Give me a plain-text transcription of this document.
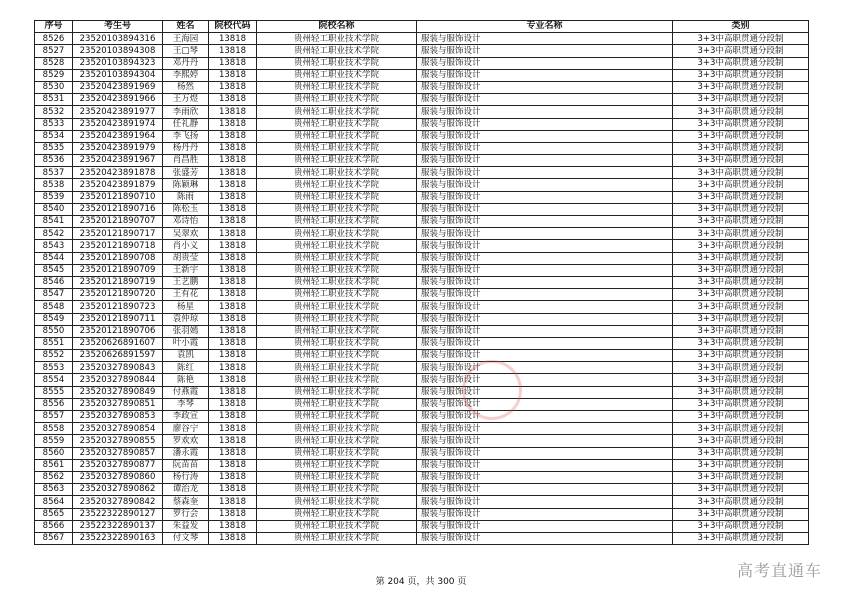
序号	考生号	姓名	院校代码	院校名称	专业名称	类别
8526	23520103894316	王海园	13818	贵州轻工职业技术学院	服装与服饰设计	3+3中高职贯通分段制
8527	23520103894308	王□琴	13818	贵州轻工职业技术学院	服装与服饰设计	3+3中高职贯通分段制
8528	23520103894323	邓丹丹	13818	贵州轻工职业技术学院	服装与服饰设计	3+3中高职贯通分段制
8529	23520103894304	李熙婷	13818	贵州轻工职业技术学院	服装与服饰设计	3+3中高职贯通分段制
8530	23520423891969	杨然	13818	贵州轻工职业技术学院	服装与服饰设计	3+3中高职贯通分段制
8531	23520423891966	王万煜	13818	贵州轻工职业技术学院	服装与服饰设计	3+3中高职贯通分段制
8532	23520423891977	李雨欣	13818	贵州轻工职业技术学院	服装与服饰设计	3+3中高职贯通分段制
8533	23520423891974	任礼静	13818	贵州轻工职业技术学院	服装与服饰设计	3+3中高职贯通分段制
8534	23520423891964	李飞扬	13818	贵州轻工职业技术学院	服装与服饰设计	3+3中高职贯通分段制
8535	23520423891979	杨丹丹	13818	贵州轻工职业技术学院	服装与服饰设计	3+3中高职贯通分段制
8536	23520423891967	肖昌胜	13818	贵州轻工职业技术学院	服装与服饰设计	3+3中高职贯通分段制
8537	23520423891878	张盛芳	13818	贵州轻工职业技术学院	服装与服饰设计	3+3中高职贯通分段制
8538	23520423891879	陈颖琳	13818	贵州轻工职业技术学院	服装与服饰设计	3+3中高职贯通分段制
8539	23520121890710	陈雨	13818	贵州轻工职业技术学院	服装与服饰设计	3+3中高职贯通分段制
8540	23520121890716	陈松玉	13818	贵州轻工职业技术学院	服装与服饰设计	3+3中高职贯通分段制
8541	23520121890707	邓诗怡	13818	贵州轻工职业技术学院	服装与服饰设计	3+3中高职贯通分段制
8542	23520121890717	吴翠欢	13818	贵州轻工职业技术学院	服装与服饰设计	3+3中高职贯通分段制
8543	23520121890718	肖小义	13818	贵州轻工职业技术学院	服装与服饰设计	3+3中高职贯通分段制
8544	23520121890708	胡贵莹	13818	贵州轻工职业技术学院	服装与服饰设计	3+3中高职贯通分段制
8545	23520121890709	王新宇	13818	贵州轻工职业技术学院	服装与服饰设计	3+3中高职贯通分段制
8546	23520121890719	王艺鹏	13818	贵州轻工职业技术学院	服装与服饰设计	3+3中高职贯通分段制
8547	23520121890720	王有花	13818	贵州轻工职业技术学院	服装与服饰设计	3+3中高职贯通分段制
8548	23520121890723	杨星	13818	贵州轻工职业技术学院	服装与服饰设计	3+3中高职贯通分段制
8549	23520121890711	袁仲琼	13818	贵州轻工职业技术学院	服装与服饰设计	3+3中高职贯通分段制
8550	23520121890706	张羽嫣	13818	贵州轻工职业技术学院	服装与服饰设计	3+3中高职贯通分段制
8551	23520626891607	叶小霞	13818	贵州轻工职业技术学院	服装与服饰设计	3+3中高职贯通分段制
8552	23520626891597	袁凯	13818	贵州轻工职业技术学院	服装与服饰设计	3+3中高职贯通分段制
8553	23520327890843	陈红	13818	贵州轻工职业技术学院	服装与服饰设计	3+3中高职贯通分段制
8554	23520327890844	陈艳	13818	贵州轻工职业技术学院	服装与服饰设计	3+3中高职贯通分段制
8555	23520327890849	付燕霞	13818	贵州轻工职业技术学院	服装与服饰设计	3+3中高职贯通分段制
8556	23520327890851	李琴	13818	贵州轻工职业技术学院	服装与服饰设计	3+3中高职贯通分段制
8557	23520327890853	李政宣	13818	贵州轻工职业技术学院	服装与服饰设计	3+3中高职贯通分段制
8558	23520327890854	廖谷宁	13818	贵州轻工职业技术学院	服装与服饰设计	3+3中高职贯通分段制
8559	23520327890855	罗欢欢	13818	贵州轻工职业技术学院	服装与服饰设计	3+3中高职贯通分段制
8560	23520327890857	潘永霞	13818	贵州轻工职业技术学院	服装与服饰设计	3+3中高职贯通分段制
8561	23520327890877	阮苗苗	13818	贵州轻工职业技术学院	服装与服饰设计	3+3中高职贯通分段制
8562	23520327890860	杨行涛	13818	贵州轻工职业技术学院	服装与服饰设计	3+3中高职贯通分段制
8563	23520327890862	谭治龙	13818	贵州轻工职业技术学院	服装与服饰设计	3+3中高职贯通分段制
8564	23520327890842	蔡森奎	13818	贵州轻工职业技术学院	服装与服饰设计	3+3中高职贯通分段制
8565	23522322890127	罗行会	13818	贵州轻工职业技术学院	服装与服饰设计	3+3中高职贯通分段制
8566	23522322890137	朱益发	13818	贵州轻工职业技术学院	服装与服饰设计	3+3中高职贯通分段制
8567	23522322890163	付文琴	13818	贵州轻工职业技术学院	服装与服饰设计	3+3中高职贯通分段制
第 204 页，共 300 页
高考直通车
